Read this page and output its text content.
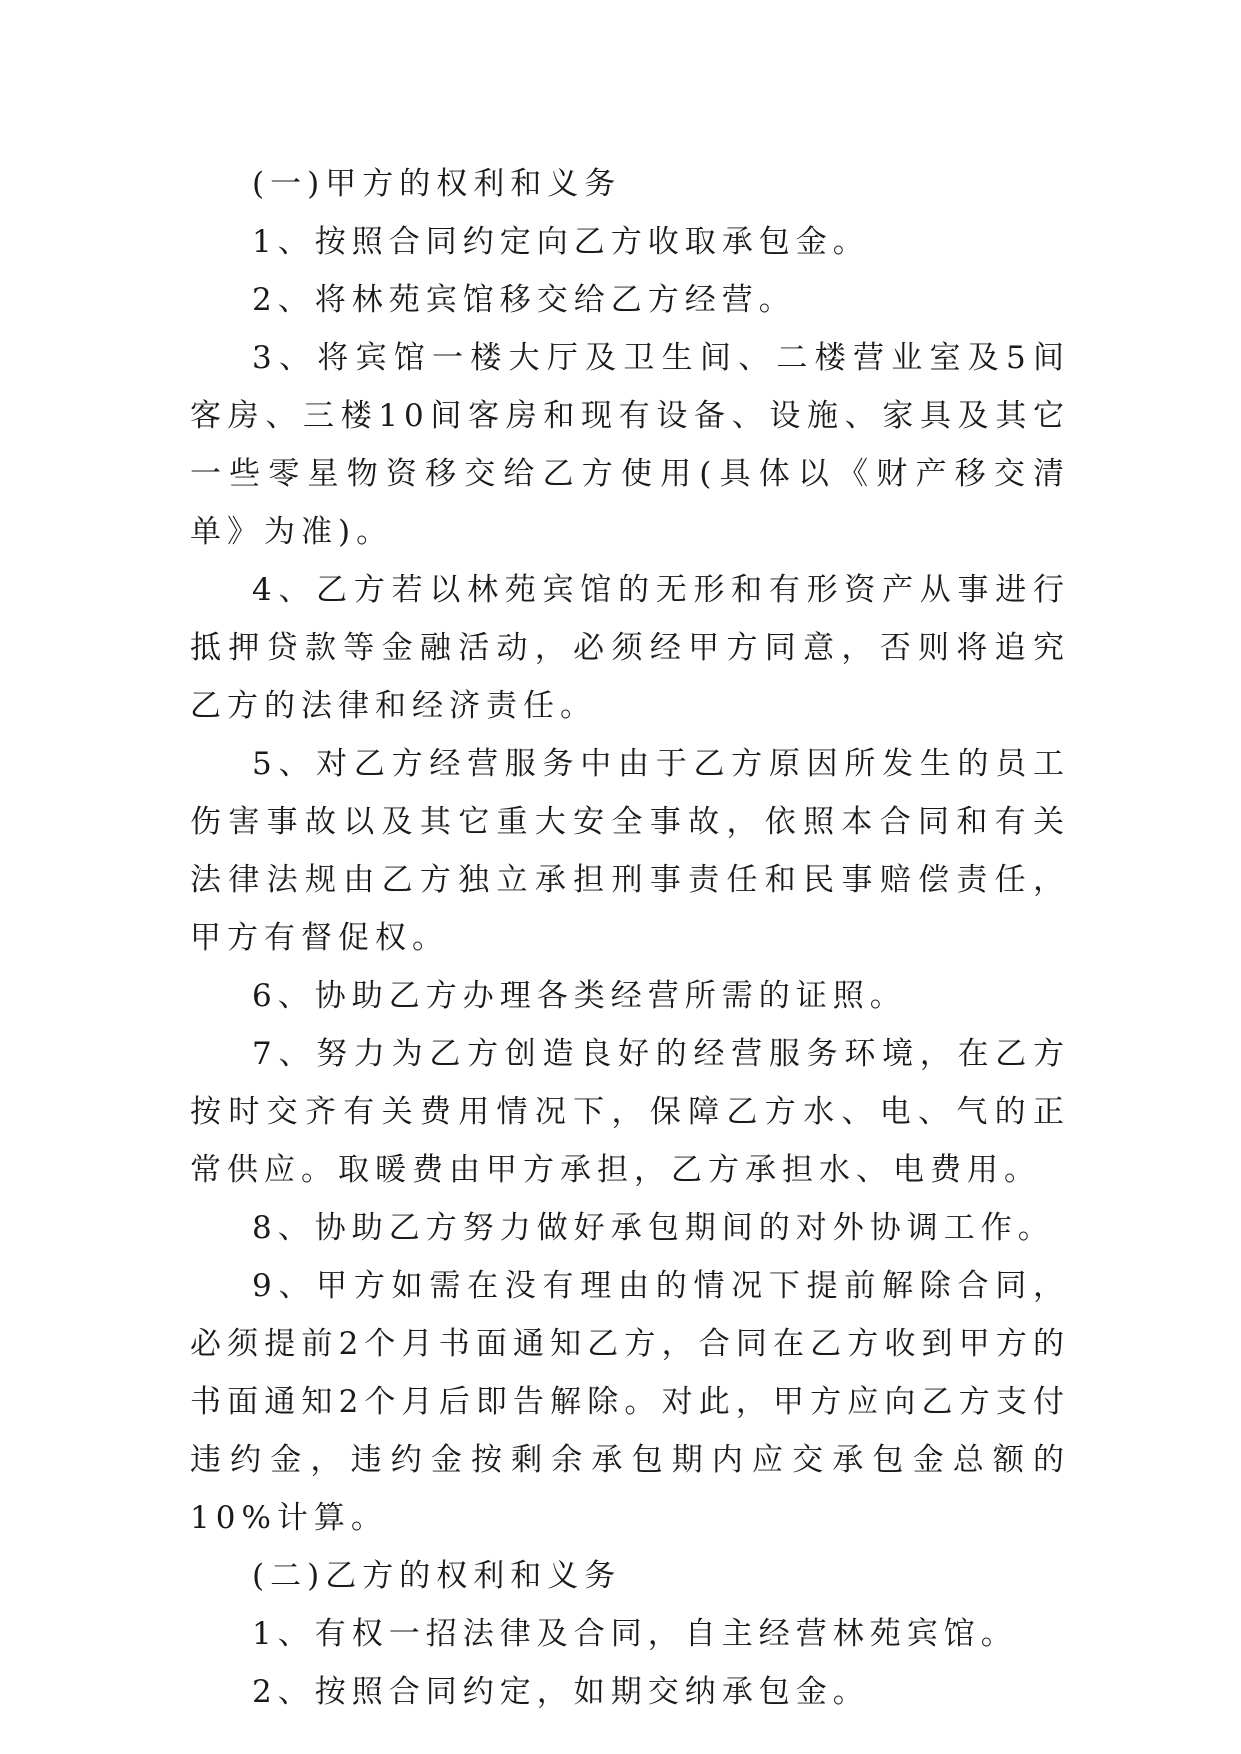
(一)甲方的权利和义务

1、按照合同约定向乙方收取承包金。

2、将林苑宾馆移交给乙方经营。

3、将宾馆一楼大厅及卫生间、二楼营业室及5间客房、三楼10间客房和现有设备、设施、家具及其它一些零星物资移交给乙方使用(具体以《财产移交清单》为准)。

4、乙方若以林苑宾馆的无形和有形资产从事进行抵押贷款等金融活动，必须经甲方同意，否则将追究乙方的法律和经济责任。

5、对乙方经营服务中由于乙方原因所发生的员工伤害事故以及其它重大安全事故，依照本合同和有关法律法规由乙方独立承担刑事责任和民事赔偿责任，甲方有督促权。

6、协助乙方办理各类经营所需的证照。

7、努力为乙方创造良好的经营服务环境，在乙方按时交齐有关费用情况下，保障乙方水、电、气的正常供应。取暖费由甲方承担，乙方承担水、电费用。

8、协助乙方努力做好承包期间的对外协调工作。

9、甲方如需在没有理由的情况下提前解除合同，必须提前2个月书面通知乙方，合同在乙方收到甲方的书面通知2个月后即告解除。对此，甲方应向乙方支付违约金，违约金按剩余承包期内应交承包金总额的10%计算。

(二)乙方的权利和义务

1、有权一招法律及合同，自主经营林苑宾馆。

2、按照合同约定，如期交纳承包金。
